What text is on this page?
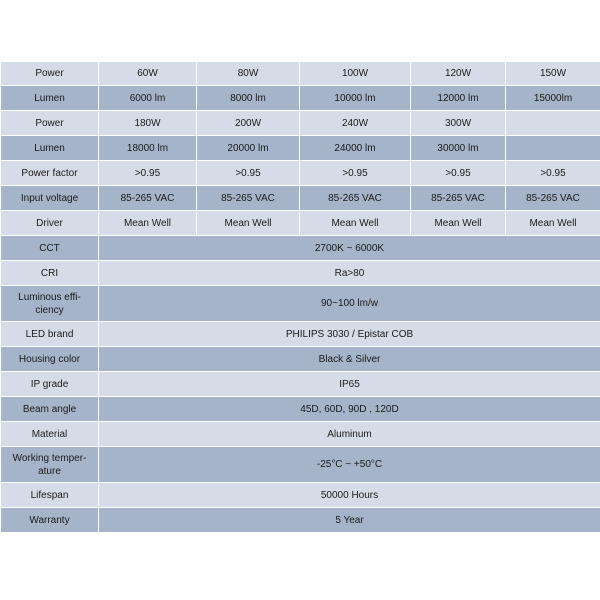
Power	60W	80W	100W	120W	150W
Lumen	6000 lm	8000 lm	10000 lm	12000 lm	15000lm
Power	180W	200W	240W	300W	
Lumen	18000 lm	20000 lm	24000 lm	30000 lm	
Power factor	>0.95	>0.95	>0.95	>0.95	>0.95
Input voltage	85-265 VAC	85-265 VAC	85-265 VAC	85-265 VAC	85-265 VAC
Driver	Mean Well	Mean Well	Mean Well	Mean Well	Mean Well
CCT	2700K ~ 6000K				
CRI	Ra>80				
Luminous effi-
ciency	90~100 lm/w				
LED brand	PHILIPS 3030 / Epistar COB				
Housing color	Black & Silver				
IP grade	IP65				
Beam angle	45D, 60D, 90D , 120D				
Material	Aluminum				
Working temper-
ature	-25°C ~ +50°C				
Lifespan	50000 Hours				
Warranty	5 Year				
